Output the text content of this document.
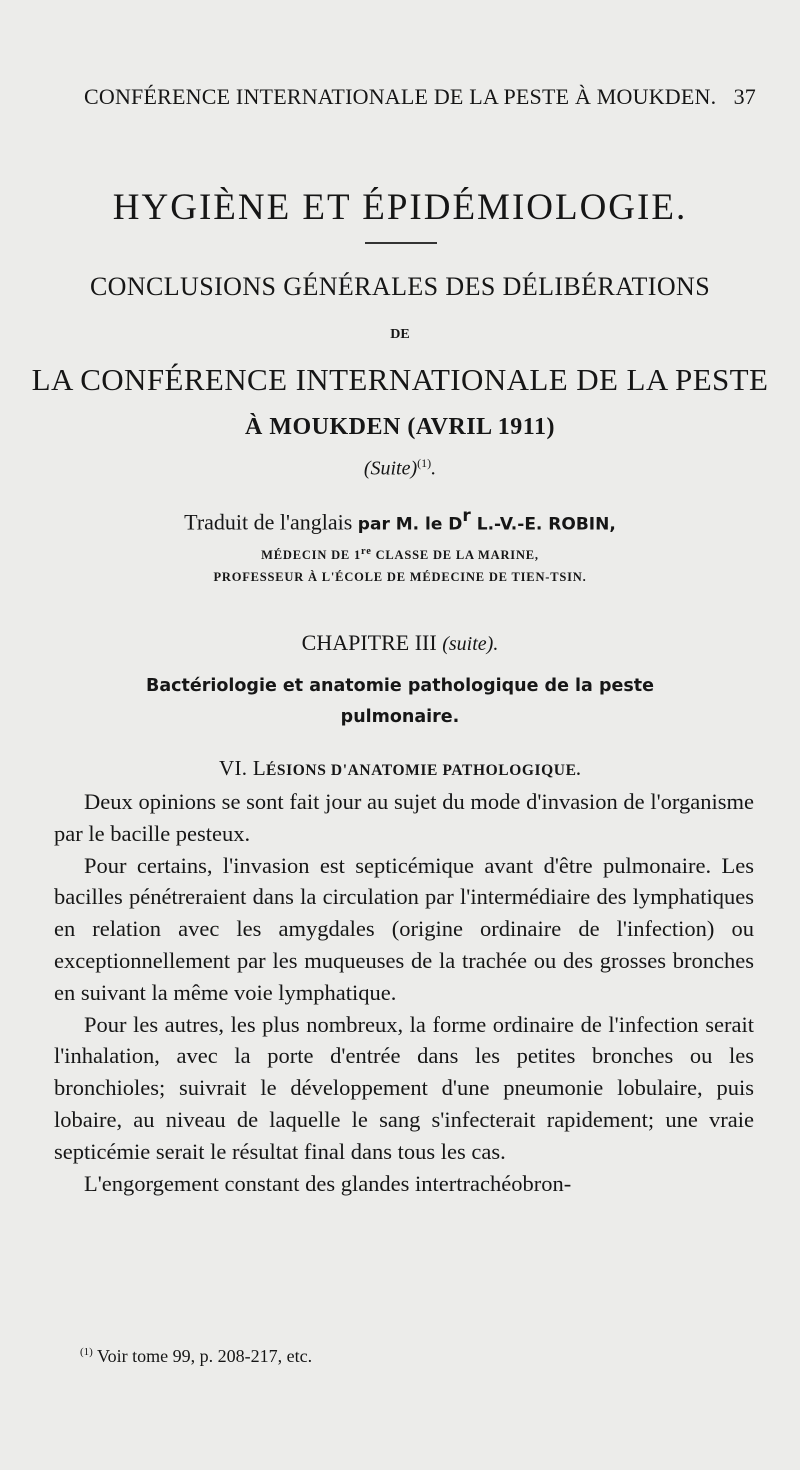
CONFÉRENCE INTERNATIONALE DE LA PESTE À MOUKDEN. 37
HYGIÈNE ET ÉPIDÉMIOLOGIE.
CONCLUSIONS GÉNÉRALES DES DÉLIBÉRATIONS
DE
LA CONFÉRENCE INTERNATIONALE DE LA PESTE
À MOUKDEN (AVRIL 1911)
(Suite)$^{(1)}$.
Traduit de l'anglais par M. le $D^r$ L.-V.-E. ROBIN,
MÉDECIN DE 1re CLASSE DE LA MARINE,
PROFESSEUR À L'ÉCOLE DE MÉDECINE DE TIEN-TSIN.
CHAPITRE III (suite).
Bactériologie et anatomie pathologique de la peste
pulmonaire.
VI. LÉSIONS D'ANATOMIE PATHOLOGIQUE.

Deux opinions se sont fait jour au sujet du mode d'invasion de l'organisme par le bacille pesteux.

Pour certains, l'invasion est septicémique avant d'être pulmonaire. Les bacilles pénétreraient dans la circulation par l'intermédiaire des lymphatiques en relation avec les amygdales (origine ordinaire de l'infection) ou exceptionnellement par les muqueuses de la trachée ou des grosses bronches en suivant la même voie lymphatique.

Pour les autres, les plus nombreux, la forme ordinaire de l'infection serait l'inhalation, avec la porte d'entrée dans les petites bronches ou les bronchioles; suivrait le développement d'une pneumonie lobulaire, puis lobaire, au niveau de laquelle le sang s'infecterait rapidement; une vraie septicémie serait le résultat final dans tous les cas.

L'engorgement constant des glandes intertrachéobron-

$^{(1)}$ Voir tome 99, p. 208-217, etc.
